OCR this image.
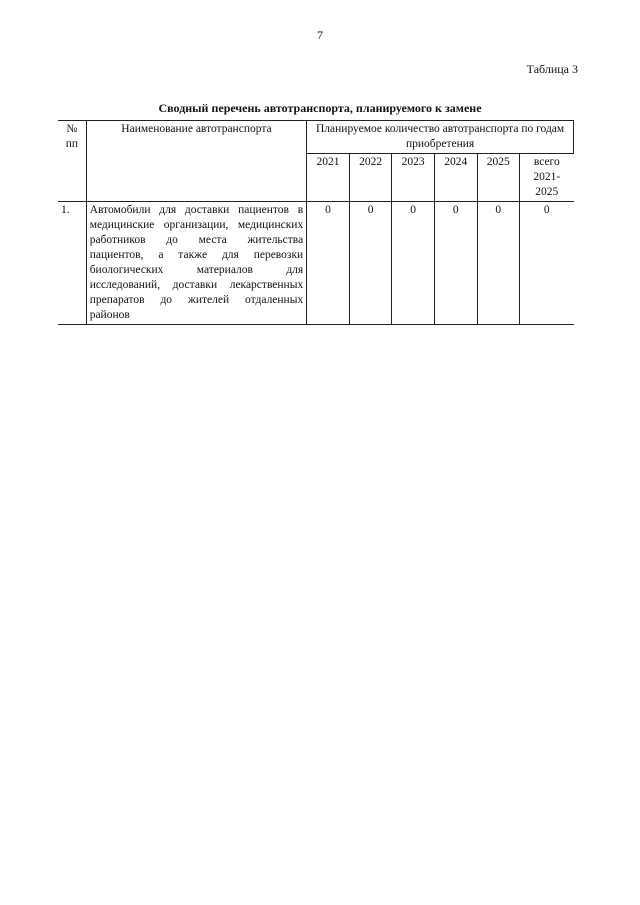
7
Таблица 3
Сводный перечень автотранспорта, планируемого к замене
№ пп	Наименование автотранспорта	Планируемое количество автотранспорта по годам приобретения					
		2021	2022	2023	2024	2025	всего 2021-2025
1.	Автомобили для доставки пациентов в медицинские организации, медицинских работников до места жительства пациентов, а также для перевозки биологических материалов для исследований, доставки лекарственных препаратов до жителей отдаленных районов	0	0	0	0	0	0
